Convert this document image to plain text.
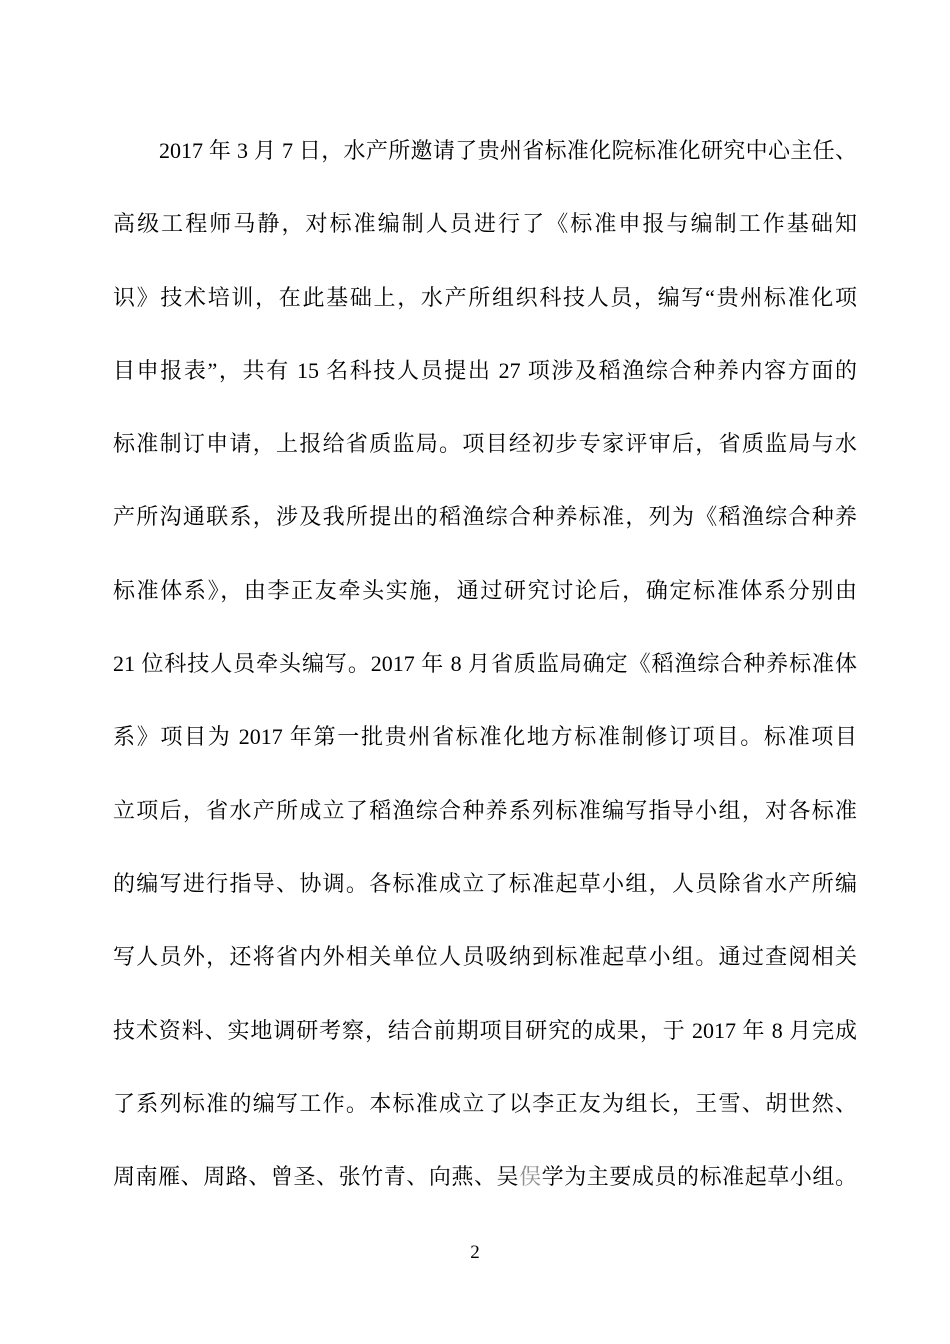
2017 年 3 月 7 日，水产所邀请了贵州省标准化院标准化研究中心主任、

高级工程师马静，对标准编制人员进行了《标准申报与编制工作基础知

识》技术培训，在此基础上，水产所组织科技人员，编写“贵州标准化项

目申报表”，共有 15 名科技人员提出 27 项涉及稻渔综合种养内容方面的

标准制订申请，上报给省质监局。项目经初步专家评审后，省质监局与水

产所沟通联系，涉及我所提出的稻渔综合种养标准，列为《稻渔综合种养

标准体系》，由李正友牵头实施，通过研究讨论后，确定标准体系分别由

21 位科技人员牵头编写。2017 年 8 月省质监局确定《稻渔综合种养标准体

系》项目为 2017 年第一批贵州省标准化地方标准制修订项目。标准项目

立项后，省水产所成立了稻渔综合种养系列标准编写指导小组，对各标准

的编写进行指导、协调。各标准成立了标准起草小组，人员除省水产所编

写人员外，还将省内外相关单位人员吸纳到标准起草小组。通过查阅相关

技术资料、实地调研考察，结合前期项目研究的成果，于 2017 年 8 月完成

了系列标准的编写工作。本标准成立了以李正友为组长，王雪、胡世然、

周南雁、周路、曾圣、张竹青、向燕、吴俣学为主要成员的标准起草小组。

2
